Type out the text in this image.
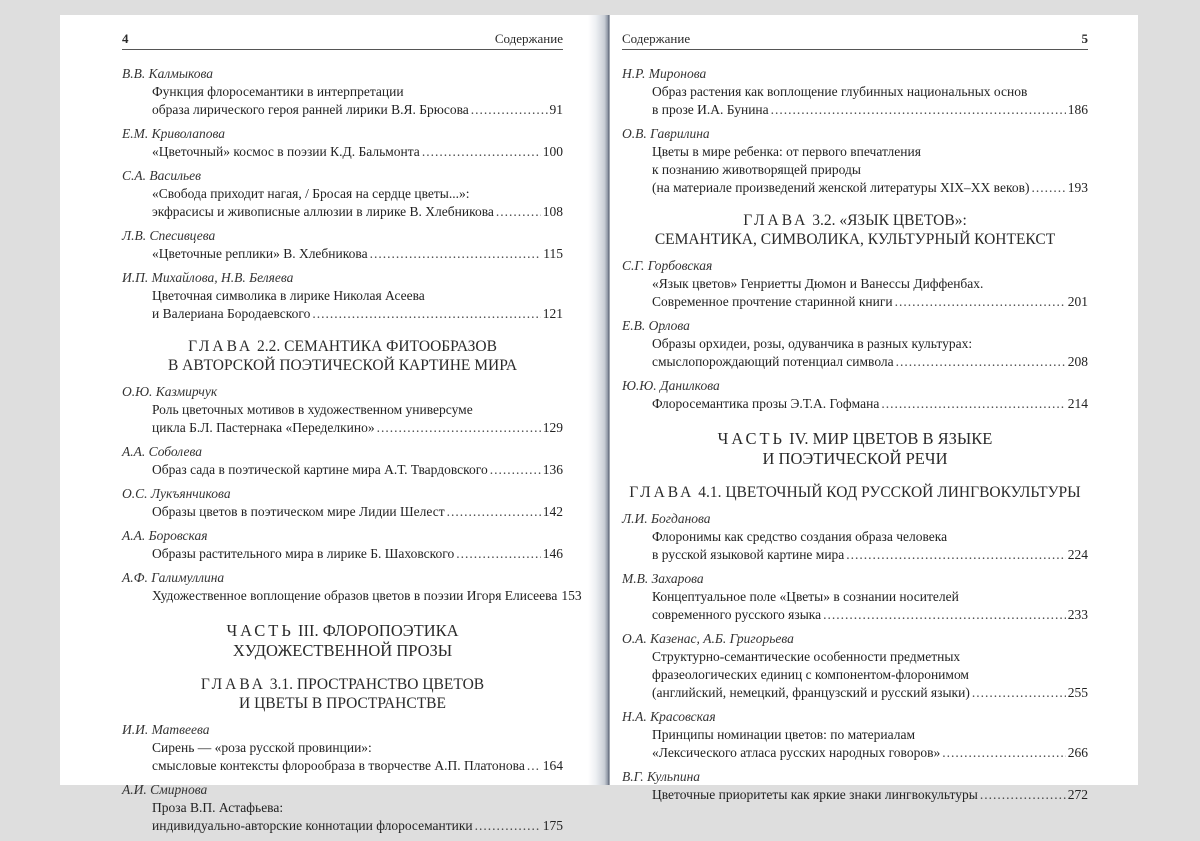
4	Содержание
В.В. Калмыкова
Функция флоросемантики в интерпретации
образа лирического героя ранней лирики В.Я. Брюсова .....	91
Е.М. Криволапова
«Цветочный» космос в поэзии К.Д. Бальмонта .....	100
С.А. Васильев
«Свобода приходит нагая, / Бросая на сердце цветы...»:
экфрасисы и живописные аллюзии в лирике В. Хлебникова .....	108
Л.В. Спесивцева
«Цветочные реплики» В. Хлебникова .....	115
И.П. Михайлова, Н.В. Беляева
Цветочная символика в лирике Николая Асеева
и Валериана Бородаевского .....	121
ГЛАВА 2.2. СЕМАНТИКА ФИТООБРАЗОВ
В АВТОРСКОЙ ПОЭТИЧЕСКОЙ КАРТИНЕ МИРА
О.Ю. Казмирчук
Роль цветочных мотивов в художественном универсуме
цикла Б.Л. Пастернака «Переделкино» .....	129
А.А. Соболева
Образ сада в поэтической картине мира А.Т. Твардовского .....	136
О.С. Лукъянчикова
Образы цветов в поэтическом мире Лидии Шелест .....	142
А.А. Боровская
Образы растительного мира в лирике Б. Шаховского .....	146
А.Ф. Галимуллина
Художественное воплощение образов цветов в поэзии Игоря Елисеева 153
ЧАСТЬ III. ФЛОРОПОЭТИКА
ХУДОЖЕСТВЕННОЙ ПРОЗЫ
ГЛАВА 3.1. ПРОСТРАНСТВО ЦВЕТОВ
И ЦВЕТЫ В ПРОСТРАНСТВЕ
И.И. Матвеева
Сирень — «роза русской провинции»:
смысловые контексты флорообраза в творчестве А.П. Платонова ..... 164
А.И. Смирнова
Проза В.П. Астафьева:
индивидуально-авторские коннотации флоросемантики .....	175
Содержание	5
Н.Р. Миронова
Образ растения как воплощение глубинных национальных основ
в прозе И.А. Бунина .....	186
О.В. Гаврилина
Цветы в мире ребенка: от первого впечатления
к познанию животворящей природы
(на материале произведений женской литературы XIX–XX веков) .....	193
ГЛАВА 3.2. «ЯЗЫК ЦВЕТОВ»:
СЕМАНТИКА, СИМВОЛИКА, КУЛЬТУРНЫЙ КОНТЕКСТ
С.Г. Горбовская
«Язык цветов» Генриетты Дюмон и Ванессы Диффенбах.
Современное прочтение старинной книги .....	201
Е.В. Орлова
Образы орхидеи, розы, одуванчика в разных культурах:
смыслопорождающий потенциал символа .....	208
Ю.Ю. Данилкова
Флоросемантика прозы Э.Т.А. Гофмана .....	214
ЧАСТЬ IV. МИР ЦВЕТОВ В ЯЗЫКЕ
И ПОЭТИЧЕСКОЙ РЕЧИ
ГЛАВА 4.1. ЦВЕТОЧНЫЙ КОД РУССКОЙ ЛИНГВОКУЛЬТУРЫ
Л.И. Богданова
Флоронимы как средство создания образа человека
в русской языковой картине мира .....	224
М.В. Захарова
Концептуальное поле «Цветы» в сознании носителей
современного русского языка .....	233
О.А. Казенас, А.Б. Григорьева
Структурно-семантические особенности предметных
фразеологических единиц с компонентом-флоронимом
(английский, немецкий, французский и русский языки) .....	255
Н.А. Красовская
Принципы номинации цветов: по материалам
«Лексического атласа русских народных говоров» .....	266
В.Г. Кульпина
Цветочные приоритеты как яркие знаки лингвокультуры .....	272
